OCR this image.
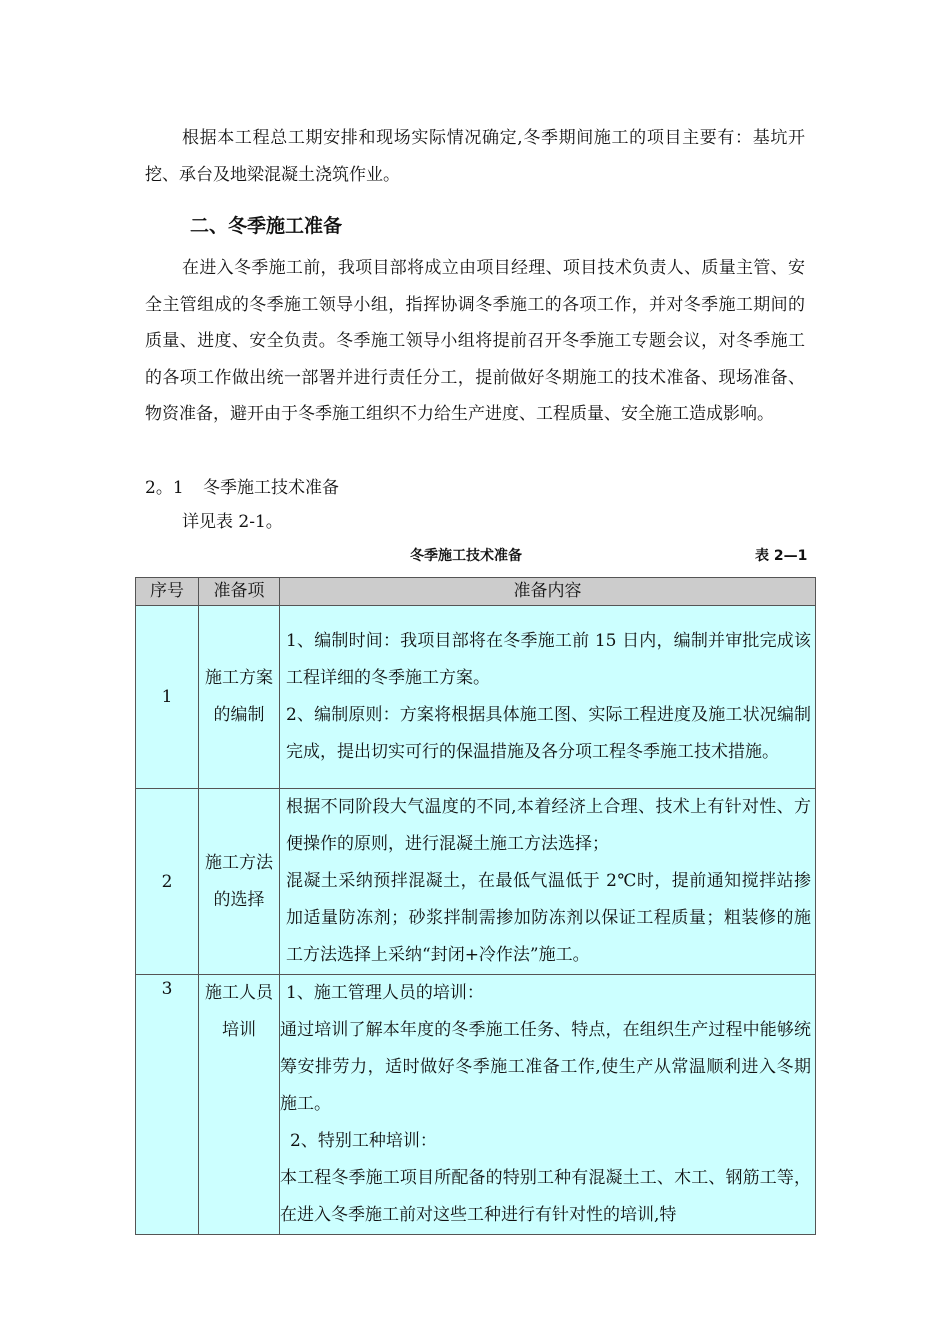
根据本工程总工期安排和现场实际情况确定,冬季期间施工的项目主要有：基坑开挖、承台及地梁混凝土浇筑作业。
二、冬季施工准备
在进入冬季施工前，我项目部将成立由项目经理、项目技术负责人、质量主管、安全主管组成的冬季施工领导小组，指挥协调冬季施工的各项工作，并对冬季施工期间的质量、进度、安全负责。冬季施工领导小组将提前召开冬季施工专题会议，对冬季施工的各项工作做出统一部署并进行责任分工，提前做好冬期施工的技术准备、现场准备、物资准备，避开由于冬季施工组织不力给生产进度、工程质量、安全施工造成影响。
2。1 冬季施工技术准备
详见表 2-1。
冬季施工技术准备	表 2—1
序号	准备项	准备内容
1	施工方案的编制	1、编制时间：我项目部将在冬季施工前 15 日内，编制并审批完成该工程详细的冬季施工方案。
2、编制原则：方案将根据具体施工图、实际工程进度及施工状况编制完成，提出切实可行的保温措施及各分项工程冬季施工技术措施。

2	施工方法的选择	根据不同阶段大气温度的不同,本着经济上合理、技术上有针对性、方便操作的原则，进行混凝土施工方法选择；
混凝土采纳预拌混凝土，在最低气温低于 2℃时，提前通知搅拌站掺加适量防冻剂；砂浆拌制需掺加防冻剂以保证工程质量；粗装修的施工方法选择上采纳“封闭+冷作法”施工。

3	施工人员培训	1、施工管理人员的培训：
通过培训了解本年度的冬季施工任务、特点，在组织生产过程中能够统筹安排劳力，适时做好冬季施工准备工作,使生产从常温顺利进入冬期施工。
2、特别工种培训：
本工程冬季施工项目所配备的特别工种有混凝土工、木工、钢筋工等，在进入冬季施工前对这些工种进行有针对性的培训,特
